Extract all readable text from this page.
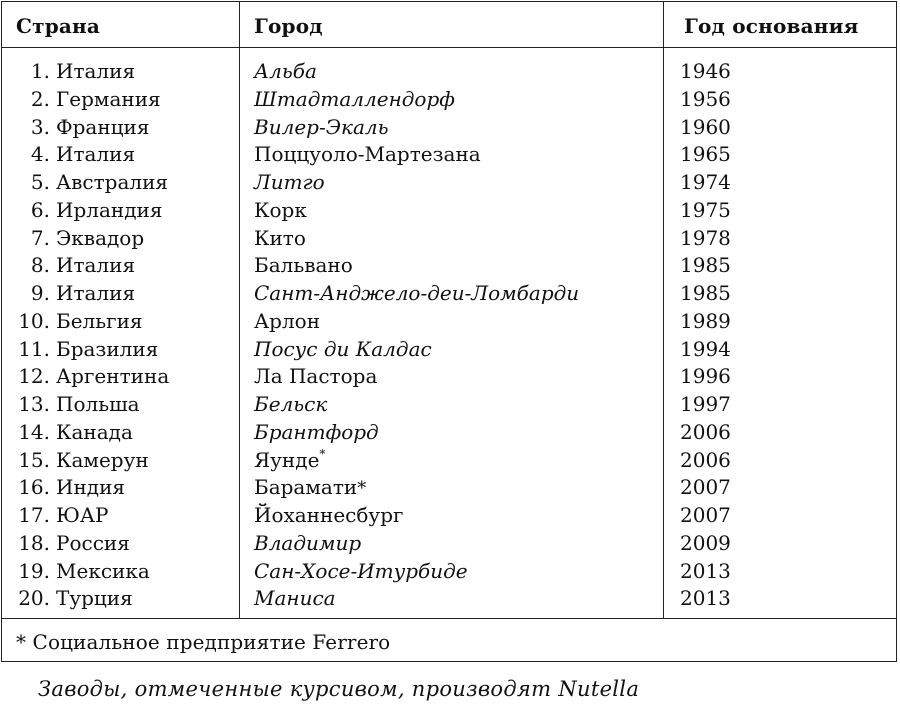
Страна	Город	Год основания
1. Италия	Альба	1946
2. Германия	Штадталлендорф	1956
3. Франция	Вилер-Экаль	1960
4. Италия	Поццуоло-Мартезана	1965
5. Австралия	Литго	1974
6. Ирландия	Корк	1975
7. Эквадор	Кито	1978
8. Италия	Бальвано	1985
9. Италия	Сант-Анджело-деи-Ломбарди	1985
10. Бельгия	Арлон	1989
11. Бразилия	Посус ди Калдас	1994
12. Аргентина	Ла Пастора	1996
13. Польша	Бельск	1997
14. Канада	Брантфорд	2006
15. Камерун	Яунде*	2006
16. Индия	Барамати*	2007
17. ЮАР	Йоханнесбург	2007
18. Россия	Владимир	2009
19. Мексика	Сан-Хосе-Итурбиде	2013
20. Турция	Маниса	2013
* Социальное предприятие Ferrero
Заводы, отмеченные курсивом, производят Nutella
